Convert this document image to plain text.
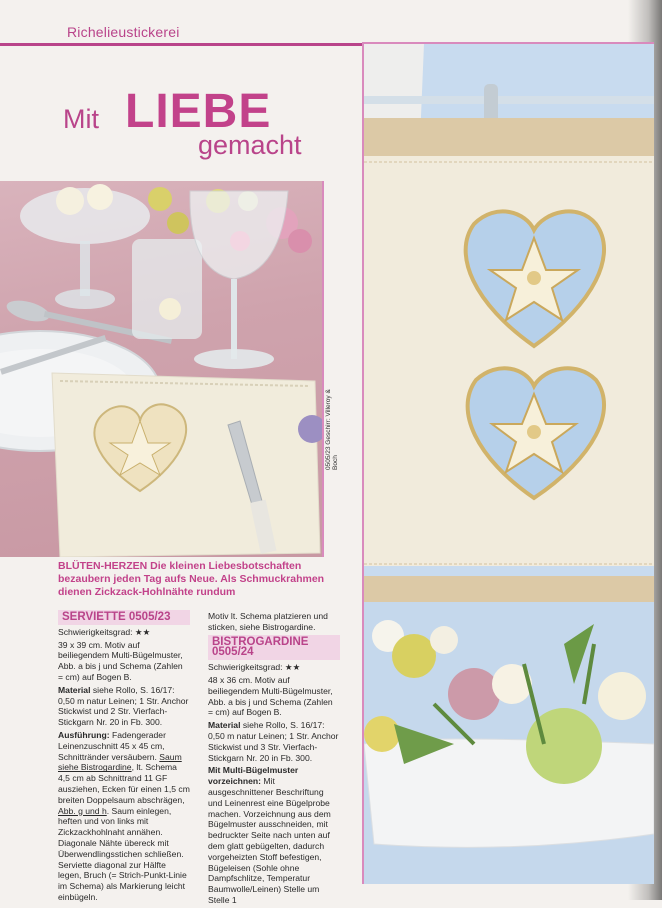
Richelieustickerei
Mit LIEBE
gemacht
0505/23 Geschirr: Villeroy & Boch
BLÜTEN-HERZEN Die kleinen Liebesbotschaften bezaubern jeden Tag aufs Neue. Als Schmuckrahmen dienen Zickzack-Hohlnähte rundum
SERVIETTE 0505/23

Schwierigkeitsgrad: ★★

39 x 39 cm. Motiv auf beiliegendem Multi-Bügelmuster, Abb. a bis j und Schema (Zahlen = cm) auf Bogen B.

Material siehe Rollo, S. 16/17: 0,50 m natur Leinen; 1 Str. Anchor Stickwist und 2 Str. Vierfach-Stickgarn Nr. 20 in Fb. 300.

Ausführung: Fadengerader Leinenzuschnitt 45 x 45 cm, Schnittränder versäubern. Saum siehe Bistrogardine, lt. Schema 4,5 cm ab Schnittrand 11 GF ausziehen, Ecken für einen 1,5 cm breiten Doppelsaum abschrägen, Abb. g und h. Saum einlegen, heften und von links mit Zickzackhohlnaht annähen. Diagonale Nähte übereck mit Überwendlingsstichen schließen. Serviette diagonal zur Hälfte legen, Bruch (= Strich-Punkt-Linie im Schema) als Markierung leicht einbügeln.

Motiv lt. Schema platzieren und sticken, siehe Bistrogardine.

BISTROGARDINE 0505/24

Schwierigkeitsgrad: ★★

48 x 36 cm. Motiv auf beiliegendem Multi-Bügelmuster, Abb. a bis j und Schema (Zahlen = cm) auf Bogen B.

Material siehe Rollo, S. 16/17: 0,50 m natur Leinen; 1 Str. Anchor Stickwist und 3 Str. Vierfach-Stickgarn Nr. 20 in Fb. 300.

Mit Multi-Bügelmuster vorzeichnen: Mit ausgeschnittener Beschriftung und Leinenrest eine Bügelprobe machen. Vorzeichnung aus dem Bügelmuster ausschneiden, mit bedruckter Seite nach unten auf dem glatt gebügelten, dadurch vorgeheizten Stoff befestigen, Bügeleisen (Sohle ohne Dampfschlitze, Temperatur Baumwolle/Leinen) Stelle um Stelle 1
